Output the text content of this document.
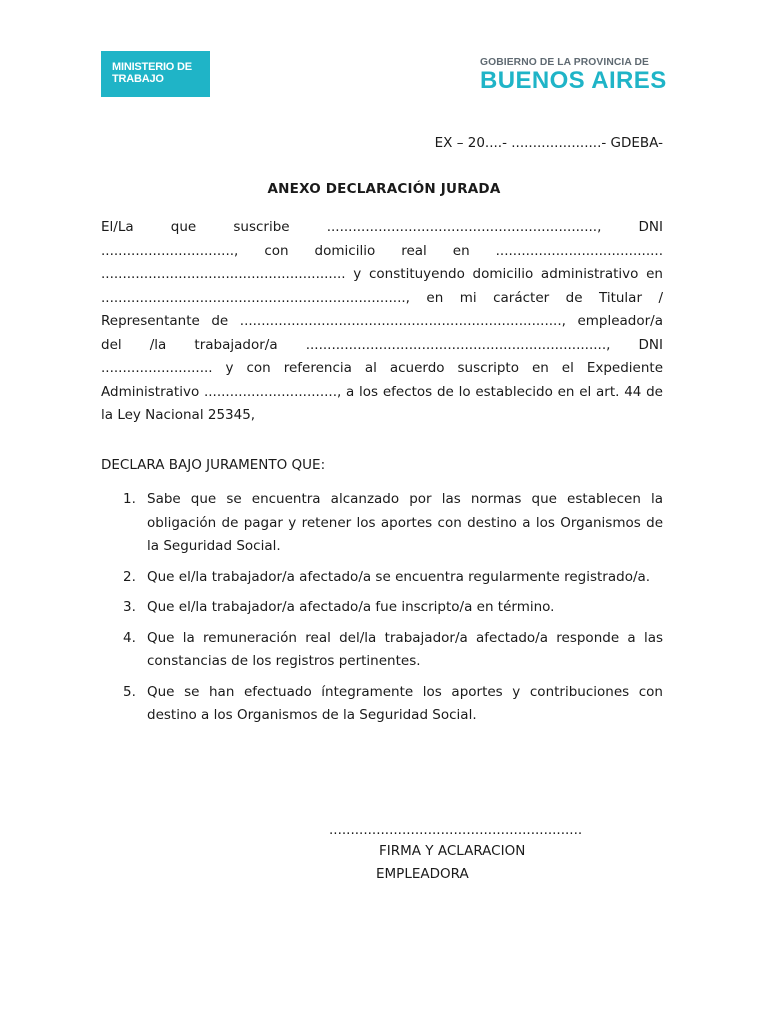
MINISTERIO DE
TRABAJO
GOBIERNO DE LA PROVINCIA DE
BUENOS AIRES
EX – 20....- .....................- GDEBA-
ANEXO DECLARACIÓN JURADA

El/La que suscribe ..............................................................., DNI ..............................., con domicilio real en ....................................... ......................................................... y constituyendo domicilio administrativo en ......................................................................., en mi carácter de Titular / Representante de ..........................................................................., empleador/a del /la trabajador/a ......................................................................, DNI .......................... y con referencia al acuerdo suscripto en el Expediente Administrativo ..............................., a los efectos de lo establecido en el art. 44 de la Ley Nacional 25345,

DECLARA BAJO JURAMENTO QUE:
1. Sabe que se encuentra alcanzado por las normas que establecen la obligación de pagar y retener los aportes con destino a los Organismos de la Seguridad Social.
2. Que el/la trabajador/a afectado/a se encuentra regularmente registrado/a.
3. Que el/la trabajador/a afectado/a fue inscripto/a en término.
4. Que la remuneración real del/la trabajador/a afectado/a responde a las constancias de los registros pertinentes.
5. Que se han efectuado íntegramente los aportes y contribuciones con destino a los Organismos de la Seguridad Social.
...........................................................
FIRMA Y ACLARACION
EMPLEADORA
